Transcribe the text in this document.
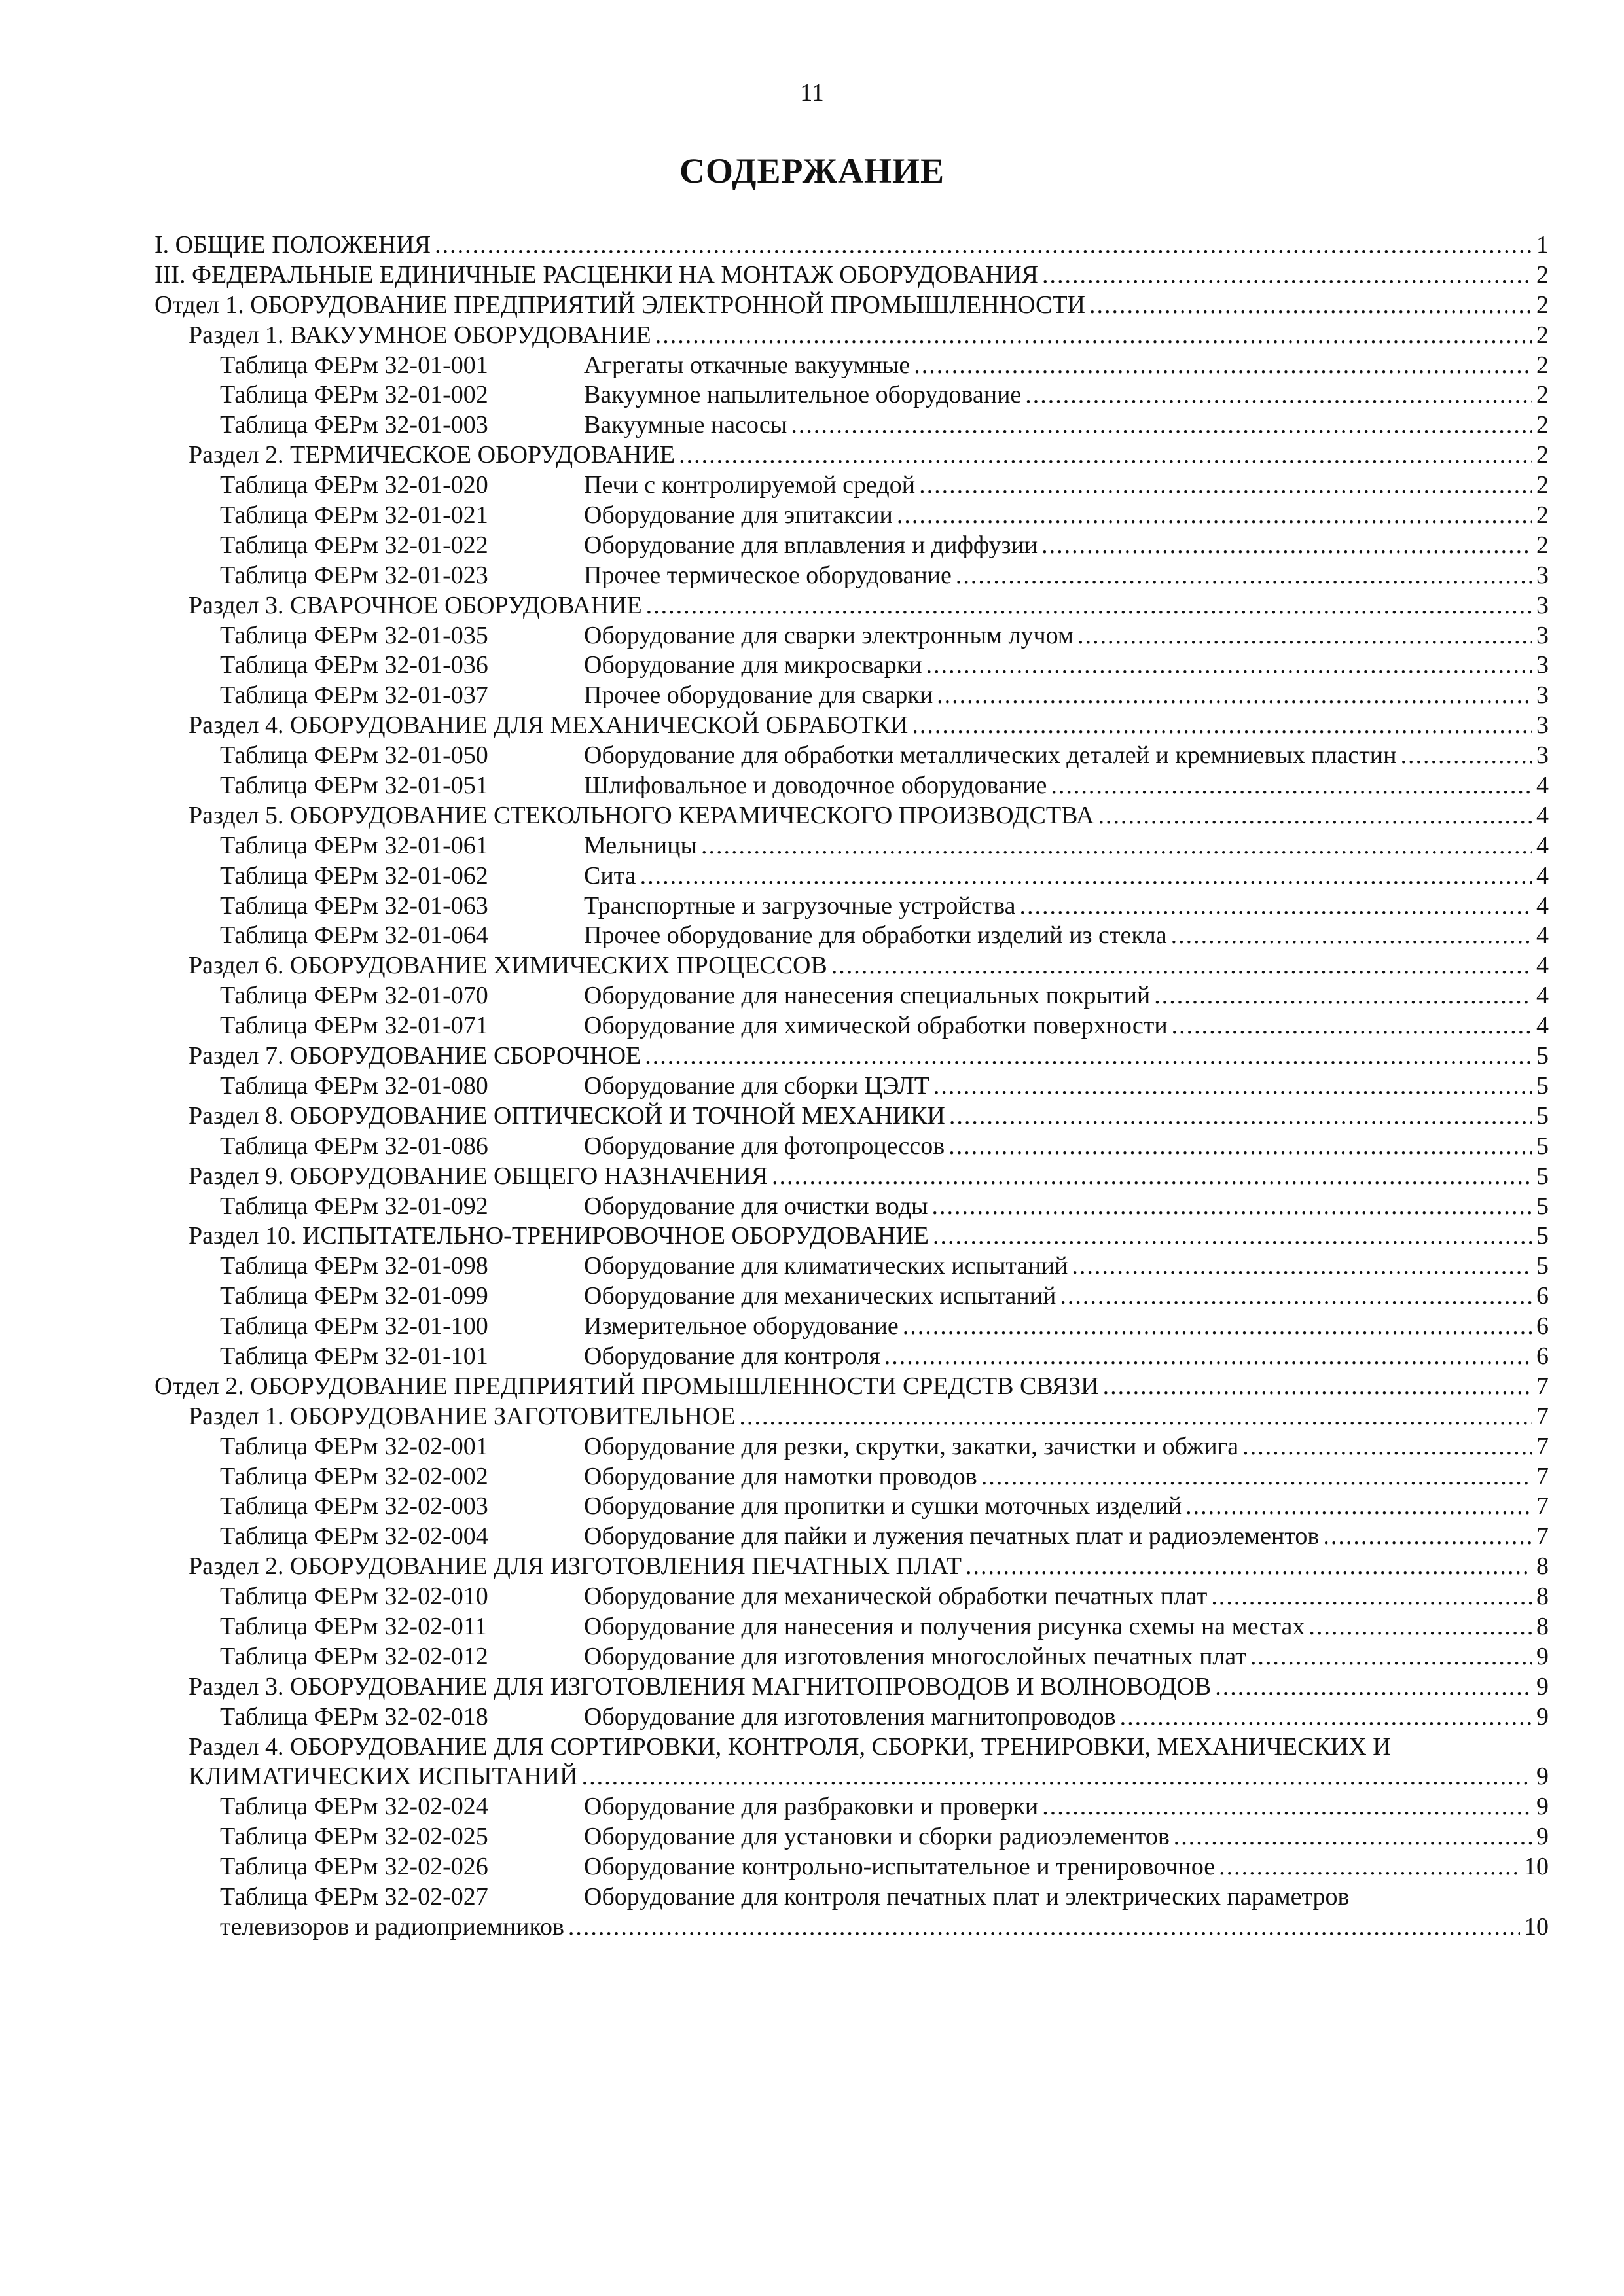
11
СОДЕРЖАНИЕ
I. ОБЩИЕ ПОЛОЖЕНИЯ .....	1
III. ФЕДЕРАЛЬНЫЕ ЕДИНИЧНЫЕ РАСЦЕНКИ НА МОНТАЖ ОБОРУДОВАНИЯ .....	2
Отдел 1. ОБОРУДОВАНИЕ ПРЕДПРИЯТИЙ ЭЛЕКТРОННОЙ ПРОМЫШЛЕННОСТИ .....	2
Раздел 1. ВАКУУМНОЕ ОБОРУДОВАНИЕ .....	2
Таблица ФЕРм 32-01-001	Агрегаты откачные вакуумные .....	2
Таблица ФЕРм 32-01-002	Вакуумное напылительное оборудование .....	2
Таблица ФЕРм 32-01-003	Вакуумные насосы .....	2
Раздел 2. ТЕРМИЧЕСКОЕ ОБОРУДОВАНИЕ .....	2
Таблица ФЕРм 32-01-020	Печи с контролируемой средой .....	2
Таблица ФЕРм 32-01-021	Оборудование для эпитаксии .....	2
Таблица ФЕРм 32-01-022	Оборудование для вплавления и диффузии .....	2
Таблица ФЕРм 32-01-023	Прочее термическое оборудование .....	3
Раздел 3. СВАРОЧНОЕ ОБОРУДОВАНИЕ .....	3
Таблица ФЕРм 32-01-035	Оборудование для сварки электронным лучом .....	3
Таблица ФЕРм 32-01-036	Оборудование для микросварки .....	3
Таблица ФЕРм 32-01-037	Прочее оборудование для сварки .....	3
Раздел 4. ОБОРУДОВАНИЕ ДЛЯ МЕХАНИЧЕСКОЙ ОБРАБОТКИ .....	3
Таблица ФЕРм 32-01-050	Оборудование для обработки металлических деталей и кремниевых пластин .....	3
Таблица ФЕРм 32-01-051	Шлифовальное и доводочное оборудование .....	4
Раздел 5. ОБОРУДОВАНИЕ СТЕКОЛЬНОГО КЕРАМИЧЕСКОГО ПРОИЗВОДСТВА .....	4
Таблица ФЕРм 32-01-061	Мельницы .....	4
Таблица ФЕРм 32-01-062	Сита .....	4
Таблица ФЕРм 32-01-063	Транспортные и загрузочные устройства .....	4
Таблица ФЕРм 32-01-064	Прочее оборудование для обработки изделий из стекла .....	4
Раздел 6. ОБОРУДОВАНИЕ ХИМИЧЕСКИХ ПРОЦЕССОВ .....	4
Таблица ФЕРм 32-01-070	Оборудование для нанесения специальных покрытий .....	4
Таблица ФЕРм 32-01-071	Оборудование для химической обработки поверхности .....	4
Раздел 7. ОБОРУДОВАНИЕ СБОРОЧНОЕ .....	5
Таблица ФЕРм 32-01-080	Оборудование для сборки ЦЭЛТ .....	5
Раздел 8. ОБОРУДОВАНИЕ ОПТИЧЕСКОЙ И ТОЧНОЙ МЕХАНИКИ .....	5
Таблица ФЕРм 32-01-086	Оборудование для фотопроцессов .....	5
Раздел 9. ОБОРУДОВАНИЕ ОБЩЕГО НАЗНАЧЕНИЯ .....	5
Таблица ФЕРм 32-01-092	Оборудование для очистки воды .....	5
Раздел 10. ИСПЫТАТЕЛЬНО-ТРЕНИРОВОЧНОЕ ОБОРУДОВАНИЕ .....	5
Таблица ФЕРм 32-01-098	Оборудование для климатических испытаний .....	5
Таблица ФЕРм 32-01-099	Оборудование для механических испытаний .....	6
Таблица ФЕРм 32-01-100	Измерительное оборудование .....	6
Таблица ФЕРм 32-01-101	Оборудование для контроля .....	6
Отдел 2. ОБОРУДОВАНИЕ ПРЕДПРИЯТИЙ ПРОМЫШЛЕННОСТИ СРЕДСТВ СВЯЗИ .....	7
Раздел 1. ОБОРУДОВАНИЕ ЗАГОТОВИТЕЛЬНОЕ .....	7
Таблица ФЕРм 32-02-001	Оборудование для резки, скрутки, закатки, зачистки и обжига .....	7
Таблица ФЕРм 32-02-002	Оборудование для намотки проводов .....	7
Таблица ФЕРм 32-02-003	Оборудование для пропитки и сушки моточных изделий .....	7
Таблица ФЕРм 32-02-004	Оборудование для пайки и лужения печатных плат и радиоэлементов .....	7
Раздел 2. ОБОРУДОВАНИЕ ДЛЯ ИЗГОТОВЛЕНИЯ ПЕЧАТНЫХ ПЛАТ .....	8
Таблица ФЕРм 32-02-010	Оборудование для механической обработки печатных плат .....	8
Таблица ФЕРм 32-02-011	Оборудование для нанесения и получения рисунка схемы на местах .....	8
Таблица ФЕРм 32-02-012	Оборудование для изготовления многослойных печатных плат .....	9
Раздел 3. ОБОРУДОВАНИЕ ДЛЯ ИЗГОТОВЛЕНИЯ МАГНИТОПРОВОДОВ И ВОЛНОВОДОВ .....	9
Таблица ФЕРм 32-02-018	Оборудование для изготовления магнитопроводов .....	9
Раздел 4. ОБОРУДОВАНИЕ ДЛЯ СОРТИРОВКИ, КОНТРОЛЯ, СБОРКИ, ТРЕНИРОВКИ, МЕХАНИЧЕСКИХ И
КЛИМАТИЧЕСКИХ ИСПЫТАНИЙ .....	9
Таблица ФЕРм 32-02-024	Оборудование для разбраковки и проверки .....	9
Таблица ФЕРм 32-02-025	Оборудование для установки и сборки радиоэлементов .....	9
Таблица ФЕРм 32-02-026	Оборудование контрольно-испытательное и тренировочное .....	10
Таблица ФЕРм 32-02-027	Оборудование для контроля печатных плат и электрических параметров
телевизоров и радиоприемников .....	10
